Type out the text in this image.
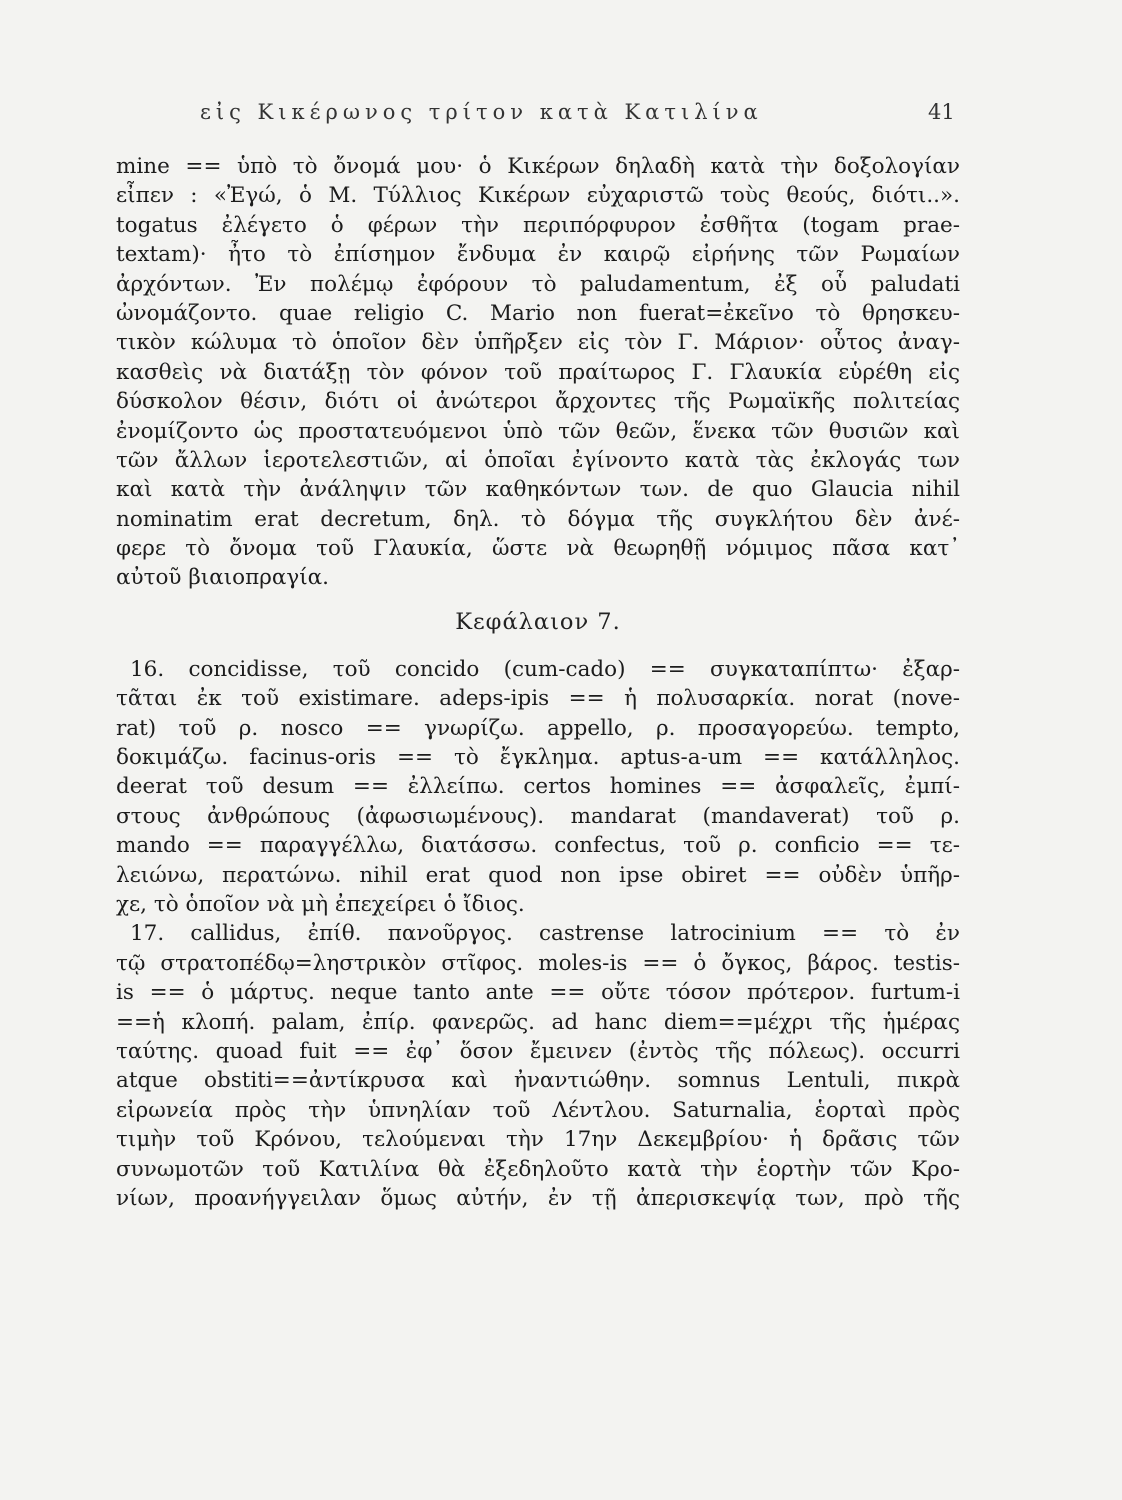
εἰς Κικέρωνος τρίτον κατὰ Κατιλίνα	41
mine == ὑπὸ τὸ ὄνομά μου· ὁ Κικέρων δηλαδὴ κατὰ τὴν δοξολογίαν
εἶπεν : «Ἐγώ, ὁ Μ. Τύλλιος Κικέρων εὐχαριστῶ τοὺς θεούς, διότι..».
togatus ἐλέγετο ὁ φέρων τὴν περιπόρφυρον ἐσθῆτα (togam prae-
textam)· ἦτο τὸ ἐπίσημον ἔνδυμα ἐν καιρῷ εἰρήνης τῶν Ρωμαίων
ἀρχόντων. Ἐν πολέμῳ ἐφόρουν τὸ paludamentum, ἐξ οὗ paludati
ὠνομάζοντο. quae religio C. Mario non fuerat=ἐκεῖνο τὸ θρησκευ-
τικὸν κώλυμα τὸ ὁποῖον δὲν ὑπῆρξεν εἰς τὸν Γ. Μάριον· οὗτος ἀναγ-
κασθεὶς νὰ διατάξῃ τὸν φόνον τοῦ πραίτωρος Γ. Γλαυκία εὑρέθη εἰς
δύσκολον θέσιν, διότι οἱ ἀνώτεροι ἄρχοντες τῆς Ρωμαϊκῆς πολιτείας
ἐνομίζοντο ὡς προστατευόμενοι ὑπὸ τῶν θεῶν, ἕνεκα τῶν θυσιῶν καὶ
τῶν ἄλλων ἱεροτελεστιῶν, αἱ ὁποῖαι ἐγίνοντο κατὰ τὰς ἐκλογάς των
καὶ κατὰ τὴν ἀνάληψιν τῶν καθηκόντων των. de quo Glaucia nihil
nominatim erat decretum, δηλ. τὸ δόγμα τῆς συγκλήτου δὲν ἀνέ-
φερε τὸ ὄνομα τοῦ Γλαυκία, ὥστε νὰ θεωρηθῇ νόμιμος πᾶσα κατ᾿
αὐτοῦ βιαιοπραγία.
Κεφάλαιον 7.
16. concidisse, τοῦ concido (cum-cado) == συγκαταπίπτω· ἐξαρ-
τᾶται ἐκ τοῦ existimare. adeps-ipis == ἡ πολυσαρκία. norat (nove-
rat) τοῦ ρ. nosco == γνωρίζω. appello, ρ. προσαγορεύω. tempto,
δοκιμάζω. facinus-oris == τὸ ἔγκλημα. aptus-a-um == κατάλληλος.
deerat τοῦ desum == ἐλλείπω. certos homines == ἀσφαλεῖς, ἐμπί-
στους ἀνθρώπους (ἀφωσιωμένους). mandarat (mandaverat) τοῦ ρ.
mando == παραγγέλλω, διατάσσω. confectus, τοῦ ρ. conficio == τε-
λειώνω, περατώνω. nihil erat quod non ipse obiret == οὐδὲν ὑπῆρ-
χε, τὸ ὁποῖον νὰ μὴ ἐπεχείρει ὁ ἴδιος.
17. callidus, ἐπίθ. πανοῦργος. castrense latrocinium == τὸ ἐν
τῷ στρατοπέδῳ=ληστρικὸν στῖφος. moles-is == ὁ ὄγκος, βάρος. testis-
is == ὁ μάρτυς. neque tanto ante == οὔτε τόσον πρότερον. furtum-i
==ἡ κλοπή. palam, ἐπίρ. φανερῶς. ad hanc diem==μέχρι τῆς ἡμέρας
ταύτης. quoad fuit == ἐφ᾿ ὅσον ἔμεινεν (ἐντὸς τῆς πόλεως). occurri
atque obstiti==ἀντίκρυσα καὶ ἠναντιώθην. somnus Lentuli, πικρὰ
εἰρωνεία πρὸς τὴν ὑπνηλίαν τοῦ Λέντλου. Saturnalia, ἑορταὶ πρὸς
τιμὴν τοῦ Κρόνου, τελούμεναι τὴν 17ην Δεκεμβρίου· ἡ δρᾶσις τῶν
συνωμοτῶν τοῦ Κατιλίνα θὰ ἐξεδηλοῦτο κατὰ τὴν ἑορτὴν τῶν Κρο-
νίων, προανήγγειλαν ὅμως αὐτήν, ἐν τῇ ἀπερισκεψίᾳ των, πρὸ τῆς
